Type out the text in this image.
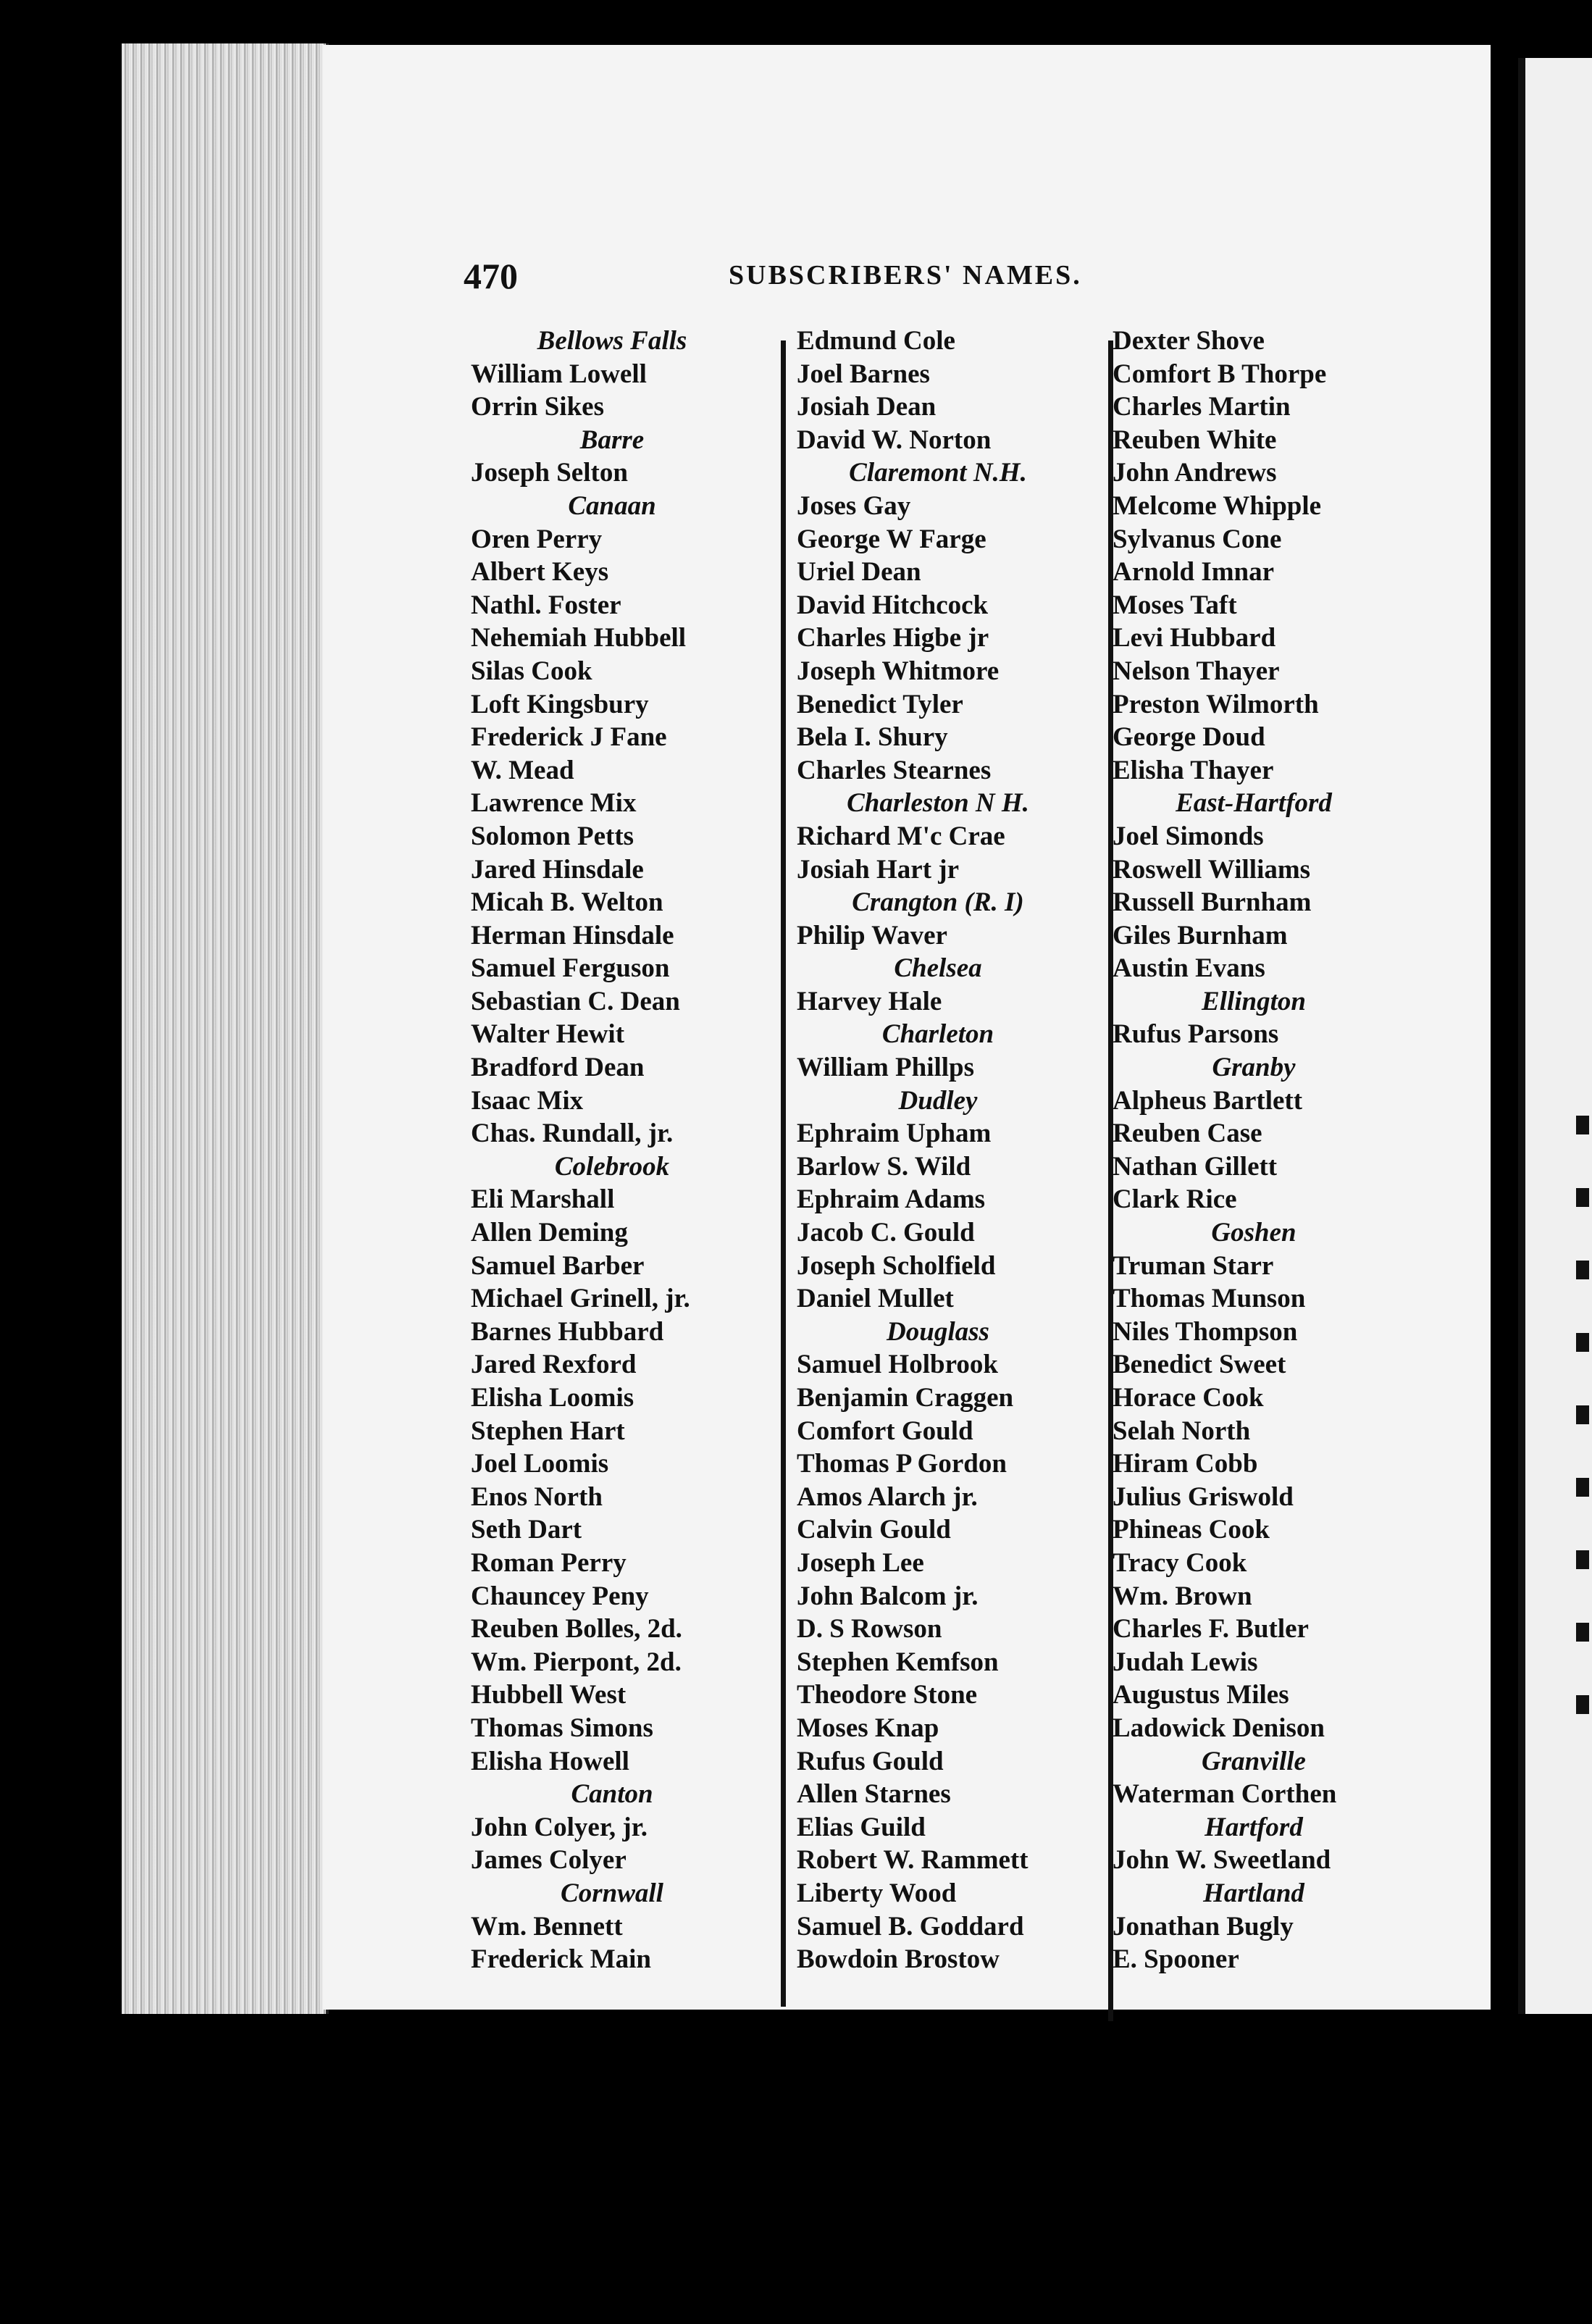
470	SUBSCRIBERS' NAMES.
Bellows Falls
William Lowell
Orrin Sikes
Barre
Joseph Selton
Canaan
Oren Perry
Albert Keys
Nathl. Foster
Nehemiah Hubbell
Silas Cook
Loft Kingsbury
Frederick J Fane
W. Mead
Lawrence Mix
Solomon Petts
Jared Hinsdale
Micah B. Welton
Herman Hinsdale
Samuel Ferguson
Sebastian C. Dean
Walter Hewit
Bradford Dean
Isaac Mix
Chas. Rundall, jr.
Colebrook
Eli Marshall
Allen Deming
Samuel Barber
Michael Grinell, jr.
Barnes Hubbard
Jared Rexford
Elisha Loomis
Stephen Hart
Joel Loomis
Enos North
Seth Dart
Roman Perry
Chauncey Peny
Reuben Bolles, 2d.
Wm. Pierpont, 2d.
Hubbell West
Thomas Simons
Elisha Howell
Canton
John Colyer, jr.
James Colyer
Cornwall
Wm. Bennett
Frederick Main
Edmund Cole
Joel Barnes
Josiah Dean
David W. Norton
Claremont N.H.
Joses Gay
George W Farge
Uriel Dean
David Hitchcock
Charles Higbe jr
Joseph Whitmore
Benedict Tyler
Bela I. Shury
Charles Stearnes
Charleston N H.
Richard M'c Crae
Josiah Hart jr
Crangton (R. I)
Philip Waver
Chelsea
Harvey Hale
Charleton
William Phillps
Dudley
Ephraim Upham
Barlow S. Wild
Ephraim Adams
Jacob C. Gould
Joseph Scholfield
Daniel Mullet
Douglass
Samuel Holbrook
Benjamin Craggen
Comfort Gould
Thomas P Gordon
Amos Alarch jr.
Calvin Gould
Joseph Lee
John Balcom jr.
D. S Rowson
Stephen Kemfson
Theodore Stone
Moses Knap
Rufus Gould
Allen Starnes
Elias Guild
Robert W. Rammett
Liberty Wood
Samuel B. Goddard
Bowdoin Brostow
Dexter Shove
Comfort B Thorpe
Charles Martin
Reuben White
John Andrews
Melcome Whipple
Sylvanus Cone
Arnold Imnar
Moses Taft
Levi Hubbard
Nelson Thayer
Preston Wilmorth
George Doud
Elisha Thayer
East-Hartford
Joel Simonds
Roswell Williams
Russell Burnham
Giles Burnham
Austin Evans
Ellington
Rufus Parsons
Granby
Alpheus Bartlett
Reuben Case
Nathan Gillett
Clark Rice
Goshen
Truman Starr
Thomas Munson
Niles Thompson
Benedict Sweet
Horace Cook
Selah North
Hiram Cobb
Julius Griswold
Phineas Cook
Tracy Cook
Wm. Brown
Charles F. Butler
Judah Lewis
Augustus Miles
Ladowick Denison
Granville
Waterman Corthen
Hartford
John W. Sweetland
Hartland
Jonathan Bugly
E. Spooner
